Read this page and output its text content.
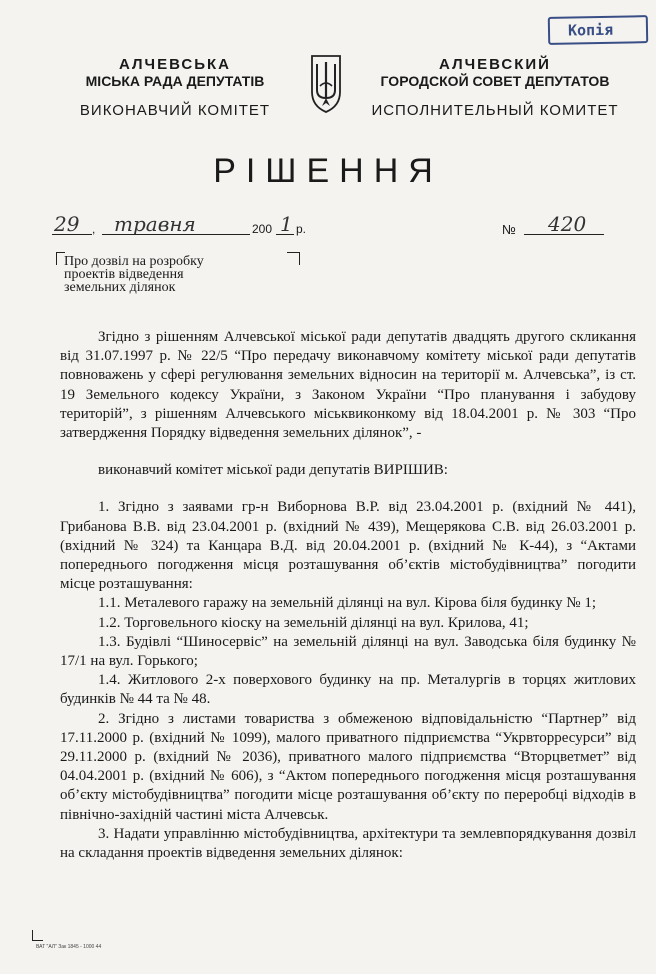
Копія
АЛЧЕВСЬКА
МІСЬКА РАДА ДЕПУТАТІВ
ВИКОНАВЧИЙ КОМІТЕТ
АЛЧЕВСКИЙ
ГОРОДСКОЙ СОВЕТ ДЕПУТАТОВ
ИСПОЛНИТЕЛЬНЫЙ КОМИТЕТ
РІШЕННЯ
29 , травня	200 1 р.	№ 420
Про дозвіл на розробку
проектів відведення
земельних ділянок

Згідно з рішенням Алчевської міської ради депутатів двадцять другого скликання від 31.07.1997 р. № 22/5 “Про передачу виконавчому комітету міської ради депутатів повноважень у сфері регулювання земельних відносин на території м. Алчевська”, із ст. 19 Земельного кодексу України, з Законом України “Про планування і забудову територій”, з рішенням Алчевського міськвиконкому від 18.04.2001 р. № 303 “Про затвердження Порядку відведення земельних ділянок”, -

виконавчий комітет міської ради депутатів ВИРІШИВ:

1. Згідно з заявами гр-н Виборнова В.Р. від 23.04.2001 р. (вхідний № 441), Грибанова В.В. від 23.04.2001 р. (вхідний № 439), Мещерякова С.В. від 26.03.2001 р. (вхідний № 324) та Канцара В.Д. від 20.04.2001 р. (вхідний № К-44), з “Актами попереднього погодження місця розташування об’єктів містобудівництва” погодити місце розташування:

1.1. Металевого гаражу на земельній ділянці на вул. Кірова біля будинку № 1;

1.2. Торговельного кіоску на земельній ділянці на вул. Крилова, 41;

1.3. Будівлі “Шиносервіс” на земельній ділянці на вул. Заводська біля будинку № 17/1 на вул. Горького;

1.4. Житлового 2-х поверхового будинку на пр. Металургів в торцях житлових будинків № 44 та № 48.

2. Згідно з листами товариства з обмеженою відповідальністю “Партнер” від 17.11.2000 р. (вхідний № 1099), малого приватного підприємства “Укрвторресурси” від 29.11.2000 р. (вхідний № 2036), приватного малого підприємства “Вторцветмет” від 04.04.2001 р. (вхідний № 606), з “Актом попереднього погодження місця розташування об’єкту містобудівництва” погодити місце розташування об’єкту по переробці відходів в північно-західній частині міста Алчевськ.

3. Надати управлінню містобудівництва, архітектури та землевпорядкування дозвіл на складання проектів відведення земельних ділянок:

ВАТ "АЛ" Зак 1845 - 1000 44
